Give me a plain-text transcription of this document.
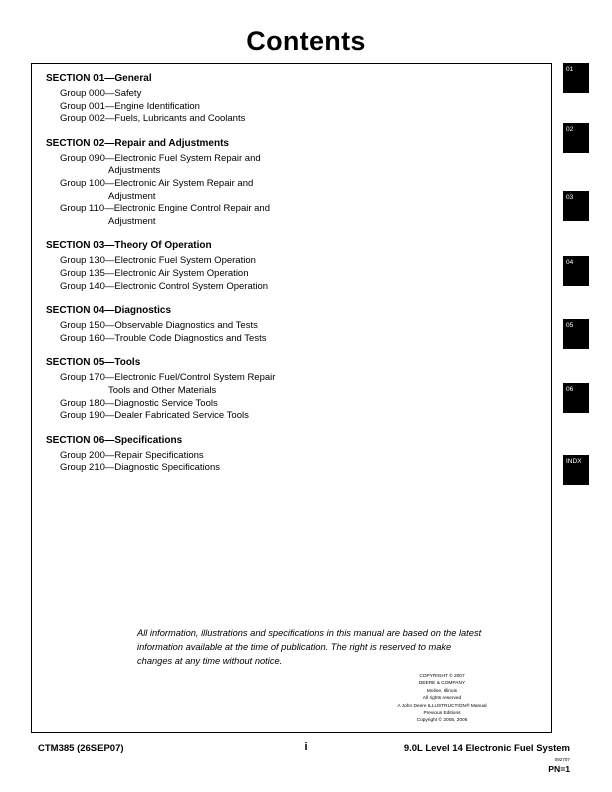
Contents
SECTION 01—General
Group 000—Safety
Group 001—Engine Identification
Group 002—Fuels, Lubricants and Coolants
SECTION 02—Repair and Adjustments
Group 090—Electronic Fuel System Repair and
Adjustments
Group 100—Electronic Air System Repair and
Adjustment
Group 110—Electronic Engine Control Repair and
Adjustment
SECTION 03—Theory Of Operation
Group 130—Electronic Fuel System Operation
Group 135—Electronic Air System Operation
Group 140—Electronic Control System Operation
SECTION 04—Diagnostics
Group 150—Observable Diagnostics and Tests
Group 160—Trouble Code Diagnostics and Tests
SECTION 05—Tools
Group 170—Electronic Fuel/Control System Repair
Tools and Other Materials
Group 180—Diagnostic Service Tools
Group 190—Dealer Fabricated Service Tools
SECTION 06—Specifications
Group 200—Repair Specifications
Group 210—Diagnostic Specifications
All information, illustrations and specifications in this manual are based on the latest information available at the time of publication. The right is reserved to make changes at any time without notice.
COPYRIGHT © 2007
DEERE & COMPANY
Moline, Illinois
All rights reserved
A John Deere ILLUSTRUCTION® Manual
Previous Editions
Copyright © 2005, 2006
01
02
03
04
05
06
INDX
CTM385 (26SEP07)	i	9.0L Level 14 Electronic Fuel System
092707
PN=1
